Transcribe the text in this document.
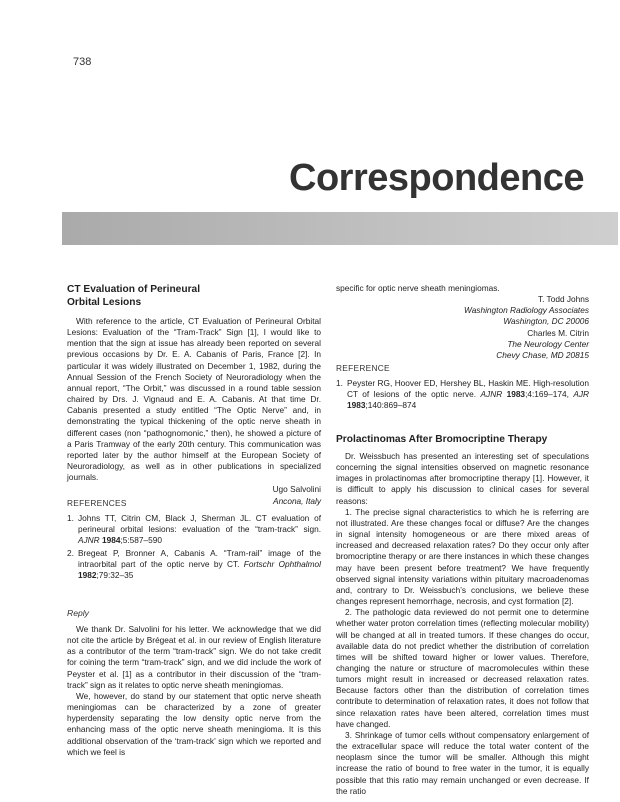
738
Correspondence
CT Evaluation of Perineural
Orbital Lesions

With reference to the article, CT Evaluation of Perineural Orbital Lesions: Evaluation of the “Tram-Track” Sign [1], I would like to mention that the sign at issue has already been reported on several previous occasions by Dr. E. A. Cabanis of Paris, France [2]. In particular it was widely illustrated on December 1, 1982, during the Annual Session of the French Society of Neuroradiology when the annual report, “The Orbit,” was discussed in a round table session chaired by Drs. J. Vignaud and E. A. Cabanis. At that time Dr. Cabanis presented a study entitled “The Optic Nerve” and, in demonstrating the typical thickening of the optic nerve sheath in different cases (non “pathognomonic,” then), he showed a picture of a Paris Tramway of the early 20th century. This communication was reported later by the author himself at the European Society of Neuroradiology, as well as in other publications in specialized journals.

Ugo Salvolini
Ancona, Italy
REFERENCES
1. Johns TT, Citrin CM, Black J, Sherman JL. CT evaluation of perineural orbital lesions: evaluation of the “tram-track” sign. AJNR 1984;5:587–590
2. Bregeat P, Bronner A, Cabanis A. “Tram-rail” image of the intraorbital part of the optic nerve by CT. Fortschr Ophthalmol 1982;79:32–35
Reply

We thank Dr. Salvolini for his letter. We acknowledge that we did not cite the article by Brégeat et al. in our review of English literature as a contributor of the term “tram-track” sign. We do not take credit for coining the term “tram-track” sign, and we did include the work of Peyster et al. [1] as a contributor in their discussion of the “tram-track” sign as it relates to optic nerve sheath meningiomas.

We, however, do stand by our statement that optic nerve sheath meningiomas can be characterized by a zone of greater hyperdensity separating the low density optic nerve from the enhancing mass of the optic nerve sheath meningioma. It is this additional observation of the ‘tram-track’ sign which we reported and which we feel is

specific for optic nerve sheath meningiomas.

T. Todd Johns
Washington Radiology Associates
Washington, DC 20006
Charles M. Citrin
The Neurology Center
Chevy Chase, MD 20815
REFERENCE
1. Peyster RG, Hoover ED, Hershey BL, Haskin ME. High-resolution CT of lesions of the optic nerve. AJNR 1983;4:169–174, AJR 1983;140:869–874
Prolactinomas After Bromocriptine Therapy

Dr. Weissbuch has presented an interesting set of speculations concerning the signal intensities observed on magnetic resonance images in prolactinomas after bromocriptine therapy [1]. However, it is difficult to apply his discussion to clinical cases for several reasons:

1. The precise signal characteristics to which he is referring are not illustrated. Are these changes focal or diffuse? Are the changes in signal intensity homogeneous or are there mixed areas of increased and decreased relaxation rates? Do they occur only after bromocriptine therapy or are there instances in which these changes may have been present before treatment? We have frequently observed signal intensity variations within pituitary macroadenomas and, contrary to Dr. Weissbuch’s conclusions, we believe these changes represent hemorrhage, necrosis, and cyst formation [2].

2. The pathologic data reviewed do not permit one to determine whether water proton correlation times (reflecting molecular mobility) will be changed at all in treated tumors. If these changes do occur, available data do not predict whether the distribution of correlation times will be shifted toward higher or lower values. Therefore, changing the nature or structure of macromolecules within these tumors might result in increased or decreased relaxation rates. Because factors other than the distribution of correlation times contribute to determination of relaxation rates, it does not follow that since relaxation rates have been altered, correlation times must have changed.

3. Shrinkage of tumor cells without compensatory enlargement of the extracellular space will reduce the total water content of the neoplasm since the tumor will be smaller. Although this might increase the ratio of bound to free water in the tumor, it is equally possible that this ratio may remain unchanged or even decrease. If the ratio
